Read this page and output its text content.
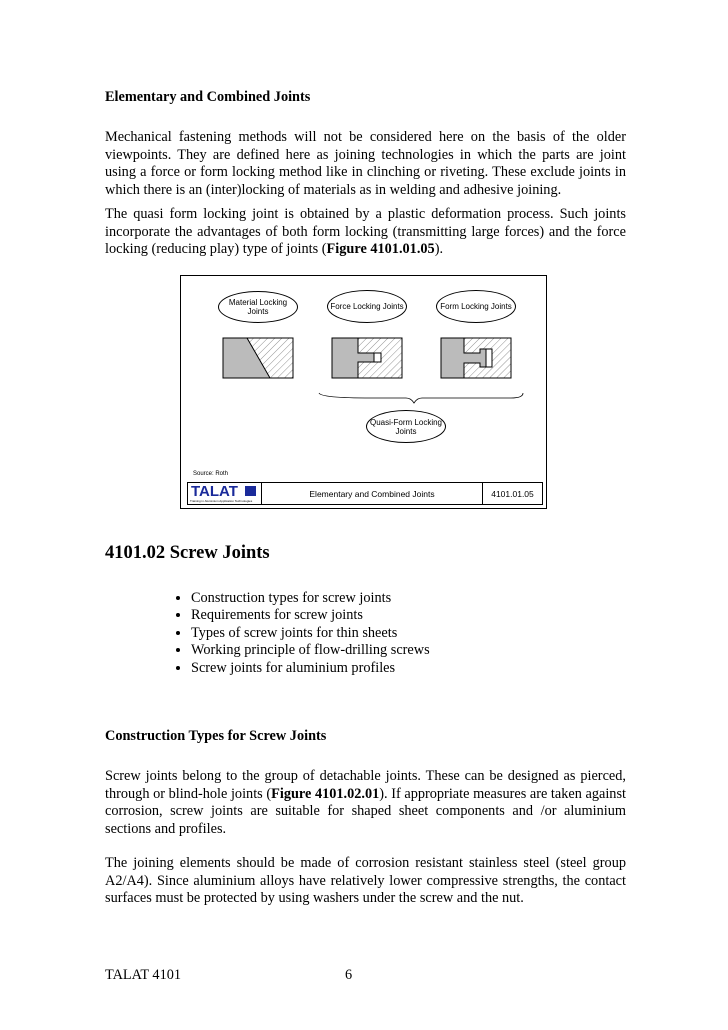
Elementary and Combined Joints

Mechanical fastening methods will not be considered here on the basis of the older viewpoints. They are defined here as joining technologies in which the parts are joint using a force or form locking method like in clinching or riveting. These exclude joints in which there is an (inter)locking of materials as in welding and adhesive joining.

The quasi form locking joint is obtained by a plastic deformation process. Such joints incorporate the advantages of both form locking (transmitting large forces) and the force locking (reducing play) type of joints (Figure 4101.01.05).

Material Locking Joints
Force Locking Joints	Form Locking Joints
Quasi-Form Locking Joints
Source: Roth
TALAT
Training in Aluminium Application Technologies
Elementary and Combined Joints	4101.01.05
4101.02 Screw Joints
• Construction types for screw joints
• Requirements for screw joints
• Types of screw joints for thin sheets
• Working principle of flow-drilling screws
• Screw joints for aluminium profiles
Construction Types for Screw Joints

Screw joints belong to the group of detachable joints. These can be designed as pierced, through or blind-hole joints (Figure 4101.02.01). If appropriate measures are taken against corrosion, screw joints are suitable for shaped sheet components and /or aluminium sections and profiles.

The joining elements should be made of corrosion resistant stainless steel (steel group A2/A4). Since aluminium alloys have relatively lower compressive strengths, the contact surfaces must be protected by using washers under the screw and the nut.

TALAT 4101	6
